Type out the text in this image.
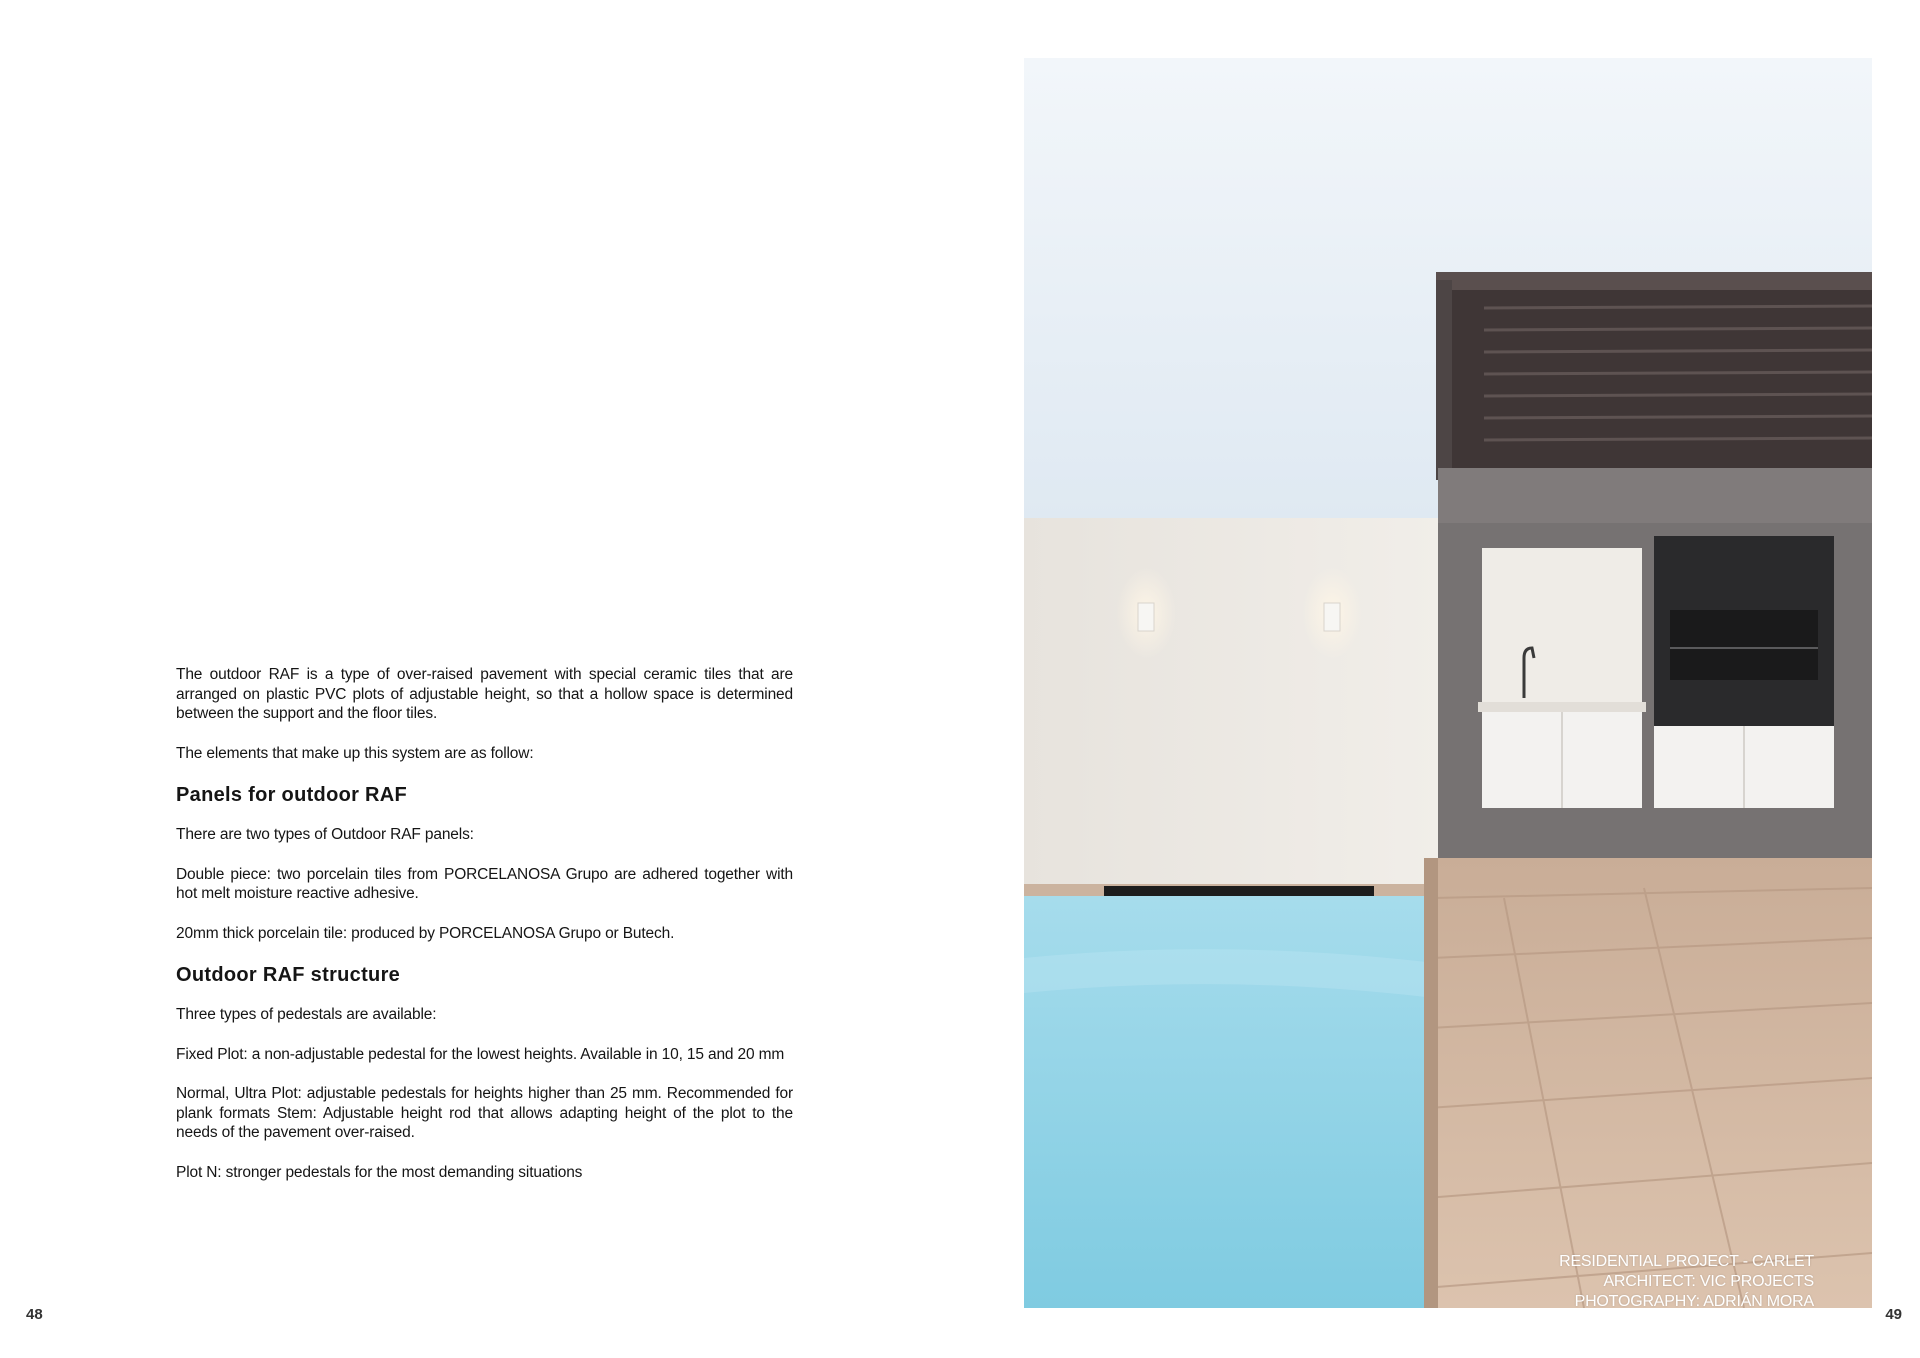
The outdoor RAF is a type of over-raised pavement with special ceramic tiles that are arranged on plastic PVC plots of adjustable height, so that a hollow space is determined between the support and the floor tiles.

The elements that make up this system are as follow:

Panels for outdoor RAF

There are two types of Outdoor RAF panels:

Double piece: two porcelain tiles from PORCELANOSA Grupo are adhered together with hot melt moisture reactive adhesive.

20mm thick porcelain tile: produced by PORCELANOSA Grupo or Butech.

Outdoor RAF structure

Three types of pedestals are available:

Fixed Plot: a non-adjustable pedestal for the lowest heights. Available in 10, 15 and 20 mm

Normal, Ultra Plot: adjustable pedestals for heights higher than 25 mm. Recommended for plank formats Stem: Adjustable height rod that allows adapting height of the plot to the needs of the pavement over-raised.

Plot N: stronger pedestals for the most demanding situations

48
RESIDENTIAL PROJECT - CARLET
ARCHITECT: VIC PROJECTS
PHOTOGRAPHY: ADRIÁN MORA
49
